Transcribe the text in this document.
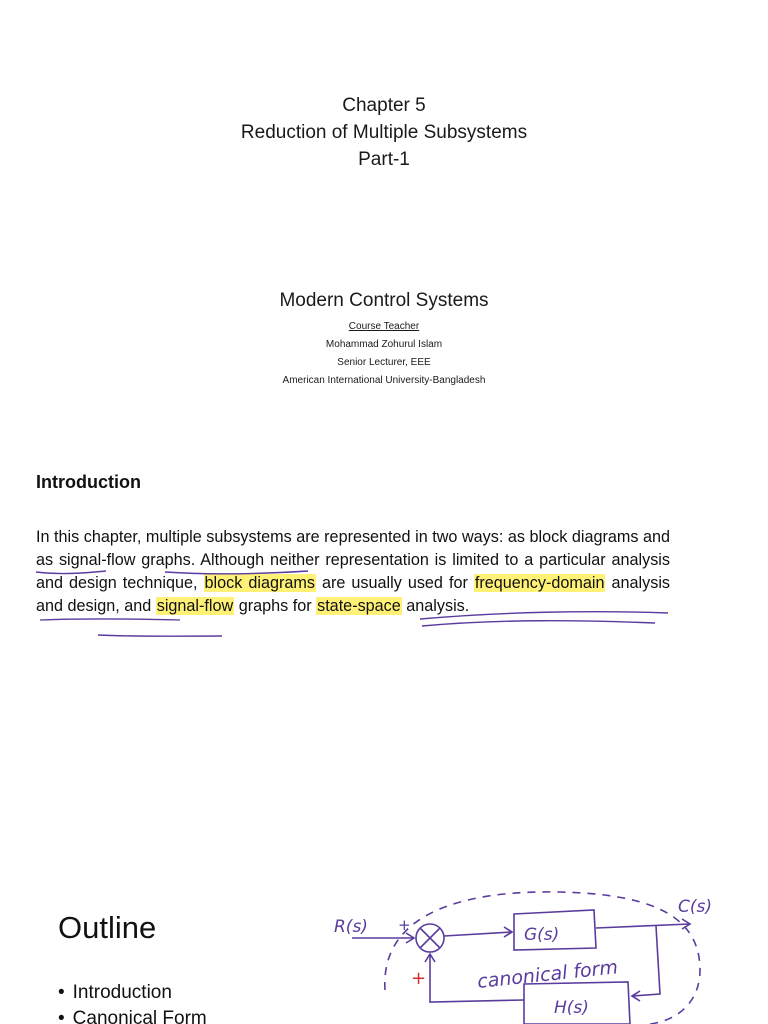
Chapter 5
Reduction of Multiple Subsystems
Part-1
Modern Control Systems
Course Teacher
Mohammad Zohurul Islam
Senior Lecturer, EEE
American International University-Bangladesh
Introduction

In this chapter, multiple subsystems are represented in two ways: as block diagrams and as signal-flow graphs. Although neither representation is limited to a particular analysis and design technique, block diagrams are usually used for frequency-domain analysis and design, and signal-flow graphs for state-space analysis.

Outline
• Introduction
• Canonical Form
R(s) +
C(s)
G(s)
canonical form
H(s)
+
